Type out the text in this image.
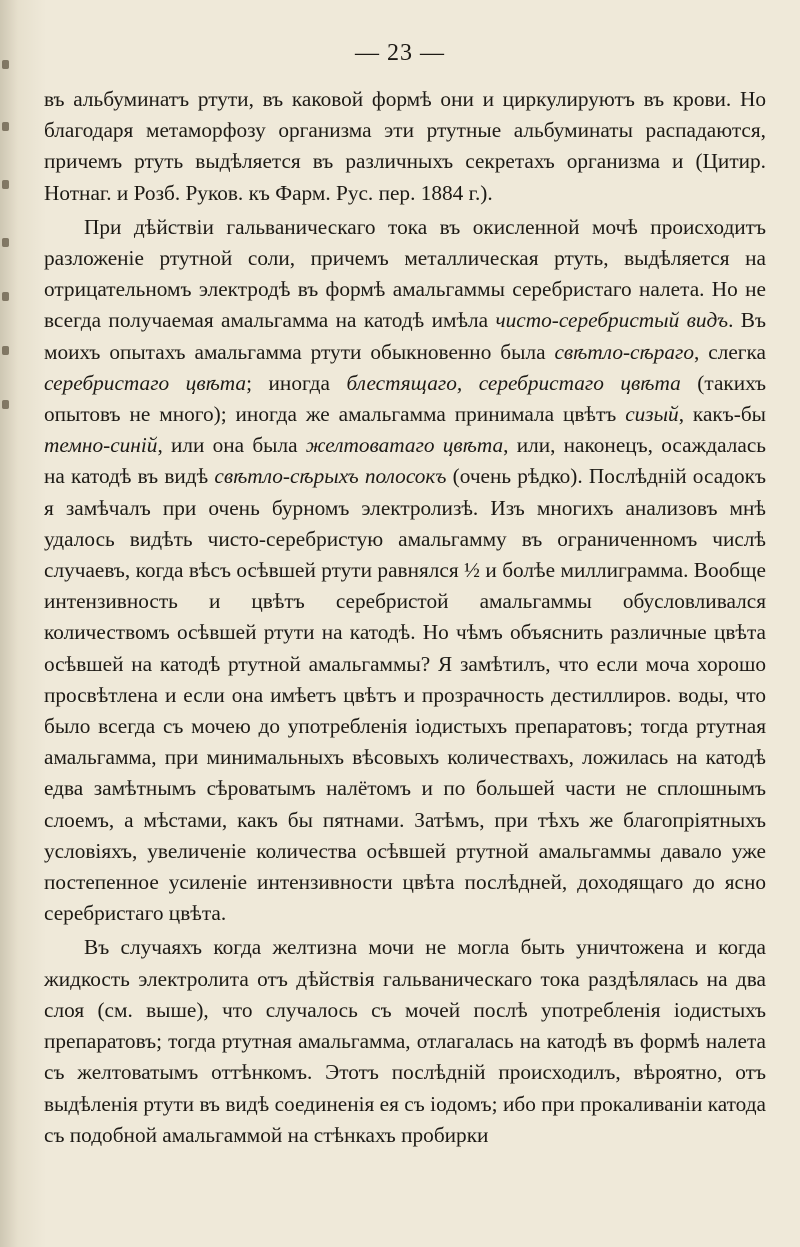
— 23 —

въ альбуминатъ ртути, въ каковой формѣ они и циркулируютъ въ крови. Но благодаря метаморфозу организма эти ртутные альбуминаты распадаются, причемъ ртуть выдѣляется въ различныхъ секретахъ организма и (Цитир. Нотнаг. и Розб. Руков. къ Фарм. Рус. пер. 1884 г.).

При дѣйствіи гальваническаго тока въ окисленной мочѣ происходитъ разложеніе ртутной соли, причемъ металлическая ртуть, выдѣляется на отрицательномъ электродѣ въ формѣ амальгаммы серебристаго налета. Но не всегда получаемая амальгамма на катодѣ имѣла чисто-серебристый видъ. Въ моихъ опытахъ амальгамма ртути обыкновенно была свѣтло-сѣраго, слегка серебристаго цвѣта; иногда блестящаго, серебристаго цвѣта (такихъ опытовъ не много); иногда же амальгамма принимала цвѣтъ сизый, какъ-бы темно-синій, или она была желтоватаго цвѣта, или, наконецъ, осаждалась на катодѣ въ видѣ свѣтло-сѣрыхъ полосокъ (очень рѣдко). Послѣдній осадокъ я замѣчалъ при очень бурномъ электролизѣ. Изъ многихъ анализовъ мнѣ удалось видѣть чисто-серебристую амальгамму въ ограниченномъ числѣ случаевъ, когда вѣсъ осѣвшей ртути равнялся ½ и болѣе миллиграмма. Вообще интензивность и цвѣтъ серебристой амальгаммы обусловливался количествомъ осѣвшей ртути на катодѣ. Но чѣмъ объяснить различные цвѣта осѣвшей на катодѣ ртутной амальгаммы? Я замѣтилъ, что если моча хорошо просвѣтлена и если она имѣетъ цвѣтъ и прозрачность дестиллиров. воды, что было всегда съ мочею до употребленія іодистыхъ препаратовъ; тогда ртутная амальгамма, при минимальныхъ вѣсовыхъ количествахъ, ложилась на катодѣ едва замѣтнымъ сѣроватымъ налётомъ и по большей части не сплошнымъ слоемъ, а мѣстами, какъ бы пятнами. Затѣмъ, при тѣхъ же благопріятныхъ условіяхъ, увеличеніе количества осѣвшей ртутной амальгаммы давало уже постепенное усиленіе интензивности цвѣта послѣдней, доходящаго до ясно серебристаго цвѣта.

Въ случаяхъ когда желтизна мочи не могла быть уничтожена и когда жидкость электролита отъ дѣйствія гальваническаго тока раздѣлялась на два слоя (см. выше), что случалось съ мочей послѣ употребленія іодистыхъ препаратовъ; тогда ртутная амальгамма, отлагалась на катодѣ въ формѣ налета съ желтоватымъ оттѣнкомъ. Этотъ послѣдній происходилъ, вѣроятно, отъ выдѣленія ртути въ видѣ соединенія ея съ іодомъ; ибо при прокаливаніи катода съ подобной амальгаммой на стѣнкахъ пробирки
